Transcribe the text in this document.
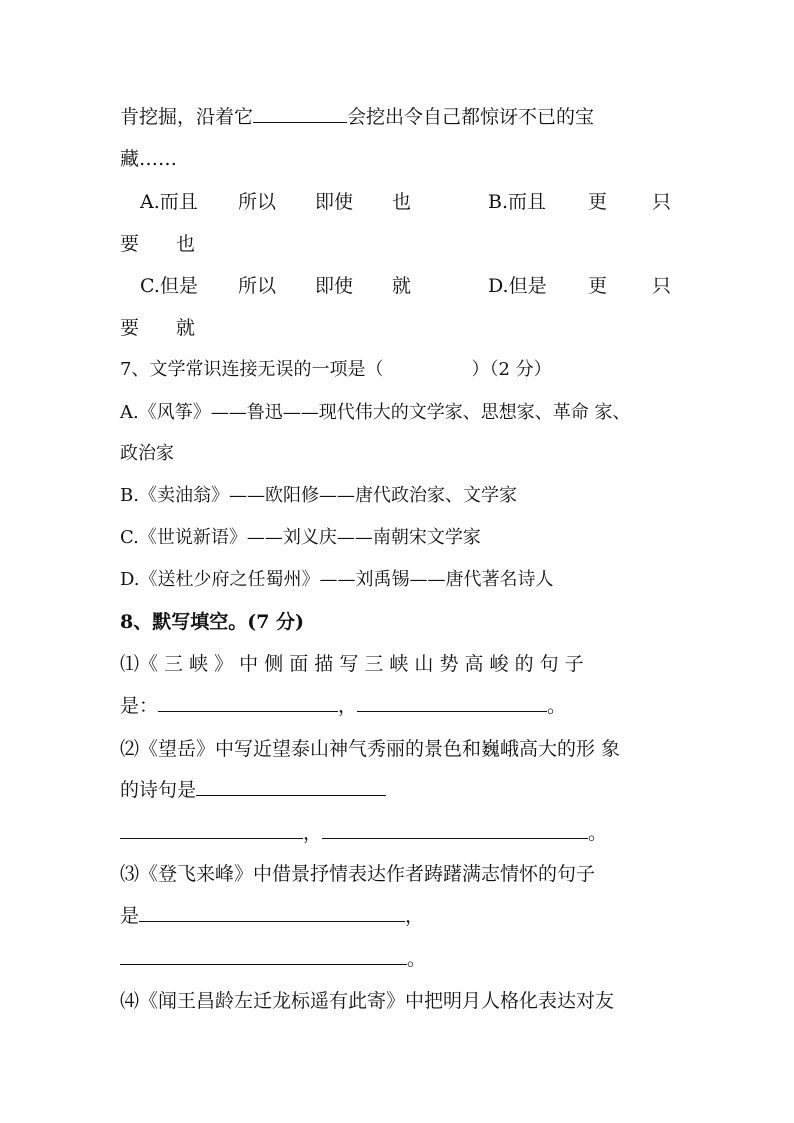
肯挖掘，沿着它	会挖出令自己都惊讶不已的宝
藏……
A.而且 所以 即使 也	B.而且 更 只
要 也
C.但是 所以 即使 就	D.但是 更 只
要 就
7、文学常识连接无误的一项是（	）（2 分）
A.《风筝》——鲁迅——现代伟大的文学家、思想家、革命 家、
政治家
B.《卖油翁》——欧阳修——唐代政治家、文学家
C.《世说新语》——刘义庆——南朝宋文学家
D.《送杜少府之任蜀州》——刘禹锡——唐代著名诗人
8、默写填空。(7 分)
⑴《 三 峡 》 中 侧 面 描 写 三 峡 山 势 高 峻 的 句 子
是：	，	。
⑵《望岳》中写近望泰山神气秀丽的景色和巍峨高大的形 象
的诗句是
，	。
⑶《登飞来峰》中借景抒情表达作者踌躇满志情怀的句子
是	，
。
⑷《闻王昌龄左迁龙标遥有此寄》中把明月人格化表达对友
